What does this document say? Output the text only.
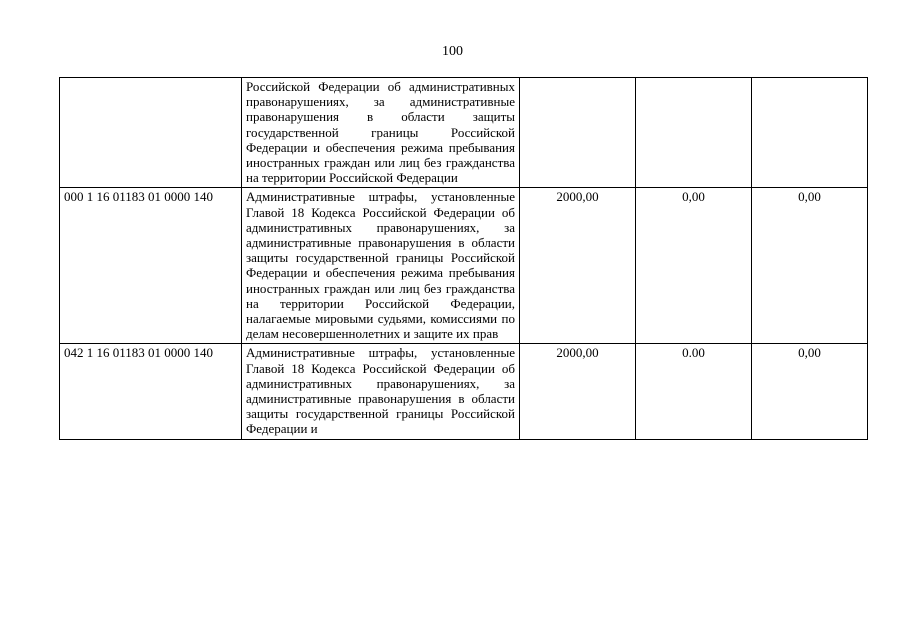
100
	Российской Федерации об административных правонарушениях, за административные правонарушения в области защиты государственной границы Российской Федерации и обеспечения режима пребывания иностранных граждан или лиц без гражданства на территории Российской Федерации			
000 1 16 01183 01 0000 140	Административные штрафы, установленные Главой 18 Кодекса Российской Федерации об административных правонарушениях, за административные правонарушения в области защиты государственной границы Российской Федерации и обеспечения режима пребывания иностранных граждан или лиц без гражданства на территории Российской Федерации, налагаемые мировыми судьями, комиссиями по делам несовершеннолетних и защите их прав	2000,00	0,00	0,00
042 1 16 01183 01 0000 140	Административные штрафы, установленные Главой 18 Кодекса Российской Федерации об административных правонарушениях, за административные правонарушения в области защиты государственной границы Российской Федерации и	2000,00	0.00	0,00
